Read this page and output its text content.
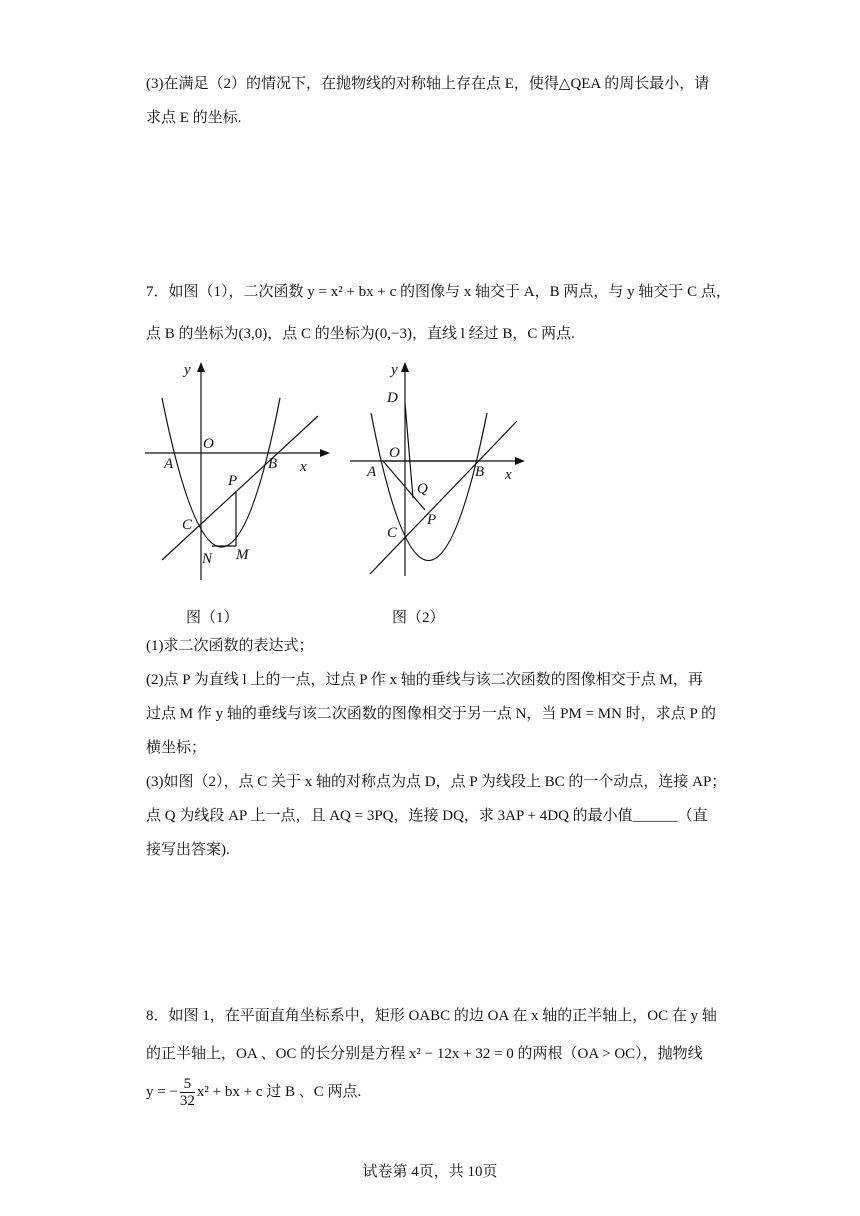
(3)在满足（2）的情况下，在抛物线的对称轴上存在点 E，使得△QEA 的周长最小，请
求点 E 的坐标.
7．如图（1），二次函数 y = x² + bx + c 的图像与 x 轴交于 A，B 两点，与 y 轴交于 C 点，
点 B 的坐标为(3,0)，点 C 的坐标为(0,−3)，直线 l 经过 B，C 两点.
y
x
O
A	B
C
P
N M
y
x
D
O
A	B
Q
P
C
图（1）	图（2）
(1)求二次函数的表达式；
(2)点 P 为直线 l 上的一点，过点 P 作 x 轴的垂线与该二次函数的图像相交于点 M，再
过点 M 作 y 轴的垂线与该二次函数的图像相交于另一点 N，当 PM = MN 时，求点 P 的
横坐标；
(3)如图（2），点 C 关于 x 轴的对称点为点 D，点 P 为线段上 BC 的一个动点，连接 AP；
点 Q 为线段 AP 上一点，且 AQ = 3PQ，连接 DQ，求 3AP + 4DQ 的最小值______（直
接写出答案).
8．如图 1，在平面直角坐标系中，矩形 OABC 的边 OA 在 x 轴的正半轴上，OC 在 y 轴
的正半轴上，OA 、OC 的长分别是方程 x² − 12x + 32 = 0 的两根（OA > OC），抛物线
y = − $\frac{5}{32} x^2$ + bx + c 过 B 、C 两点.
试卷第 4页，共 10页
